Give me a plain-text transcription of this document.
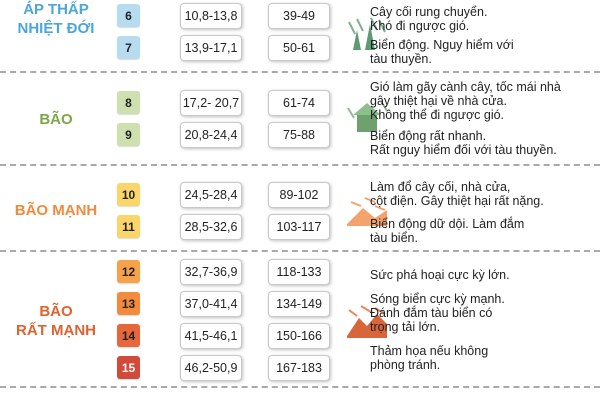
ÁP THẤP
NHIỆT ĐỚI
6	10,8-13,8	39-49
7	13,9-17,1	50-61
Cây cối rung chuyển.
Khó đi ngược gió.
Biển động. Nguy hiểm với
tàu thuyền.
BÃO
8	17,2- 20,7	61-74
9	20,8-24,4	75-88
Gió làm gãy cành cây, tốc mái nhà
gây thiệt hại về nhà cửa.
Không thể đi ngược gió.
Biển động rất nhanh.
Rất nguy hiểm đối với tàu thuyền.
BÃO MẠNH
10	24,5-28,4	89-102
11	28,5-32,6	103-117
Làm đổ cây cối, nhà cửa,
cột điện. Gây thiệt hại rất nặng.
Biển động dữ dội. Làm đắm
tàu biển.
BÃO
RẤT MẠNH
12	32,7-36,9	118-133
13	37,0-41,4	134-149
14	41,5-46,1	150-166
15	46,2-50,9	167-183
Sức phá hoại cực kỳ lớn.
Sóng biển cực kỳ mạnh.
Đánh đắm tàu biển có
trọng tải lớn.
Thảm họa nếu không
phòng tránh.
